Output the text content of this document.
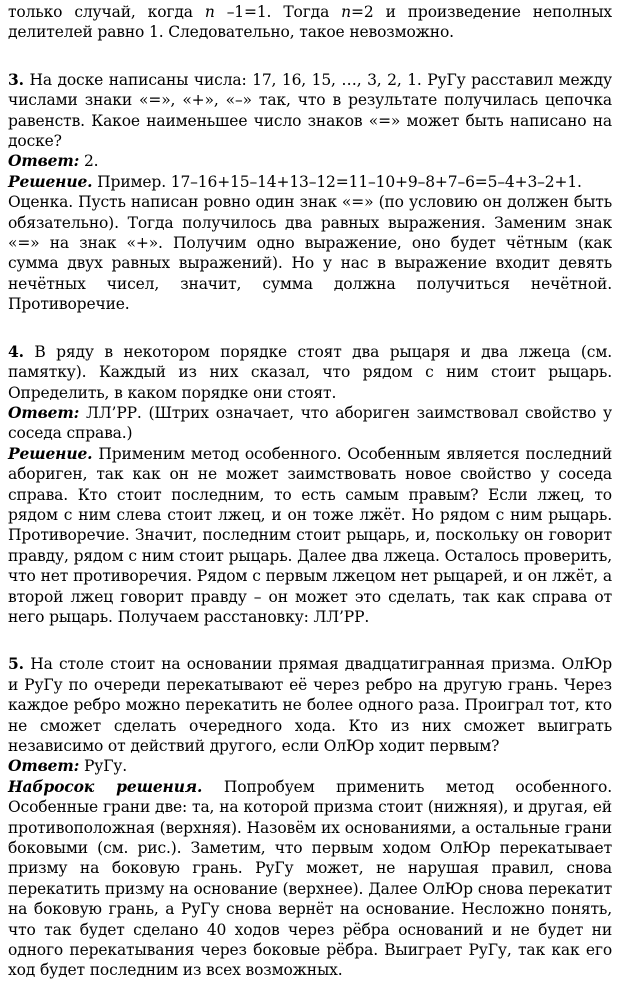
только случай, когда n –1=1. Тогда n=2 и произведение неполных делителей равно 1. Следовательно, такое невозможно.

3. На доске написаны числа: 17, 16, 15, …, 3, 2, 1. РуГу расставил между числами знаки «=», «+», «–» так, что в результате получилась цепочка равенств. Какое наименьшее число знаков «=» может быть написано на доске?

Ответ: 2.

Решение. Пример. 17–16+15–14+13–12=11–10+9–8+7–6=5–4+3–2+1.

Оценка. Пусть написан ровно один знак «=» (по условию он должен быть обязательно). Тогда получилось два равных выражения. Заменим знак «=» на знак «+». Получим одно выражение, оно будет чётным (как сумма двух равных выражений). Но у нас в выражение входит девять нечётных чисел, значит, сумма должна получиться нечётной. Противоречие.

4. В ряду в некотором порядке стоят два рыцаря и два лжеца (см. памятку). Каждый из них сказал, что рядом с ним стоит рыцарь. Определить, в каком порядке они стоят.

Ответ: ЛЛ’РР. (Штрих означает, что абориген заимствовал свойство у соседа справа.)

Решение. Применим метод особенного. Особенным является последний абориген, так как он не может заимствовать новое свойство у соседа справа. Кто стоит последним, то есть самым правым? Если лжец, то рядом с ним слева стоит лжец, и он тоже лжёт. Но рядом с ним рыцарь. Противоречие. Значит, последним стоит рыцарь, и, поскольку он говорит правду, рядом с ним стоит рыцарь. Далее два лжеца. Осталось проверить, что нет противоречия. Рядом с первым лжецом нет рыцарей, и он лжёт, а второй лжец говорит правду – он может это сделать, так как справа от него рыцарь. Получаем расстановку: ЛЛ’РР.

5. На столе стоит на основании прямая двадцатигранная призма. ОлЮр и РуГу по очереди перекатывают её через ребро на другую грань. Через каждое ребро можно перекатить не более одного раза. Проиграл тот, кто не сможет сделать очередного хода. Кто из них сможет выиграть независимо от действий другого, если ОлЮр ходит первым?

Ответ: РуГу.

Набросок решения. Попробуем применить метод особенного. Особенные грани две: та, на которой призма стоит (нижняя), и другая, ей противоположная (верхняя). Назовём их основаниями, а остальные грани боковыми (см. рис.). Заметим, что первым ходом ОлЮр перекатывает призму на боковую грань. РуГу может, не нарушая правил, снова перекатить призму на основание (верхнее). Далее ОлЮр снова перекатит на боковую грань, а РуГу снова вернёт на основание. Несложно понять, что так будет сделано 40 ходов через рёбра оснований и не будет ни одного перекатывания через боковые рёбра. Выиграет РуГу, так как его ход будет последним из всех возможных.
